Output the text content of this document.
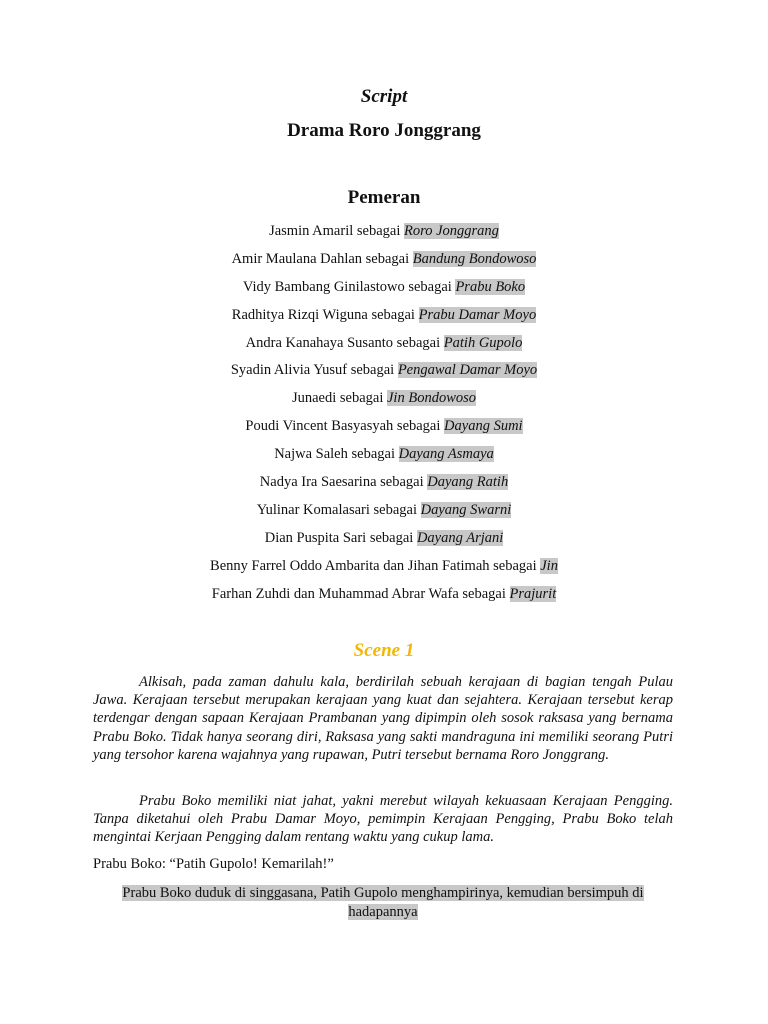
Script
Drama Roro Jonggrang
Pemeran
Jasmin Amaril sebagai Roro Jonggrang
Amir Maulana Dahlan sebagai Bandung Bondowoso
Vidy Bambang Ginilastowo sebagai Prabu Boko
Radhitya Rizqi Wiguna sebagai Prabu Damar Moyo
Andra Kanahaya Susanto sebagai Patih Gupolo
Syadin Alivia Yusuf sebagai Pengawal Damar Moyo
Junaedi sebagai Jin Bondowoso
Poudi Vincent Basyasyah sebagai Dayang Sumi
Najwa Saleh sebagai Dayang Asmaya
Nadya Ira Saesarina sebagai Dayang Ratih
Yulinar Komalasari sebagai Dayang Swarni
Dian Puspita Sari sebagai Dayang Arjani
Benny Farrel Oddo Ambarita dan Jihan Fatimah sebagai Jin
Farhan Zuhdi dan Muhammad Abrar Wafa sebagai Prajurit
Scene 1

Alkisah, pada zaman dahulu kala, berdirilah sebuah kerajaan di bagian tengah Pulau Jawa. Kerajaan tersebut merupakan kerajaan yang kuat dan sejahtera. Kerajaan tersebut kerap terdengar dengan sapaan Kerajaan Prambanan yang dipimpin oleh sosok raksasa yang bernama Prabu Boko. Tidak hanya seorang diri, Raksasa yang sakti mandraguna ini memiliki seorang Putri yang tersohor karena wajahnya yang rupawan, Putri tersebut bernama Roro Jonggrang.

Prabu Boko memiliki niat jahat, yakni merebut wilayah kekuasaan Kerajaan Pengging. Tanpa diketahui oleh Prabu Damar Moyo, pemimpin Kerajaan Pengging, Prabu Boko telah mengintai Kerjaan Pengging dalam rentang waktu yang cukup lama.

Prabu Boko: “Patih Gupolo! Kemarilah!”
Prabu Boko duduk di singgasana, Patih Gupolo menghampirinya, kemudian bersimpuh di hadapannya
